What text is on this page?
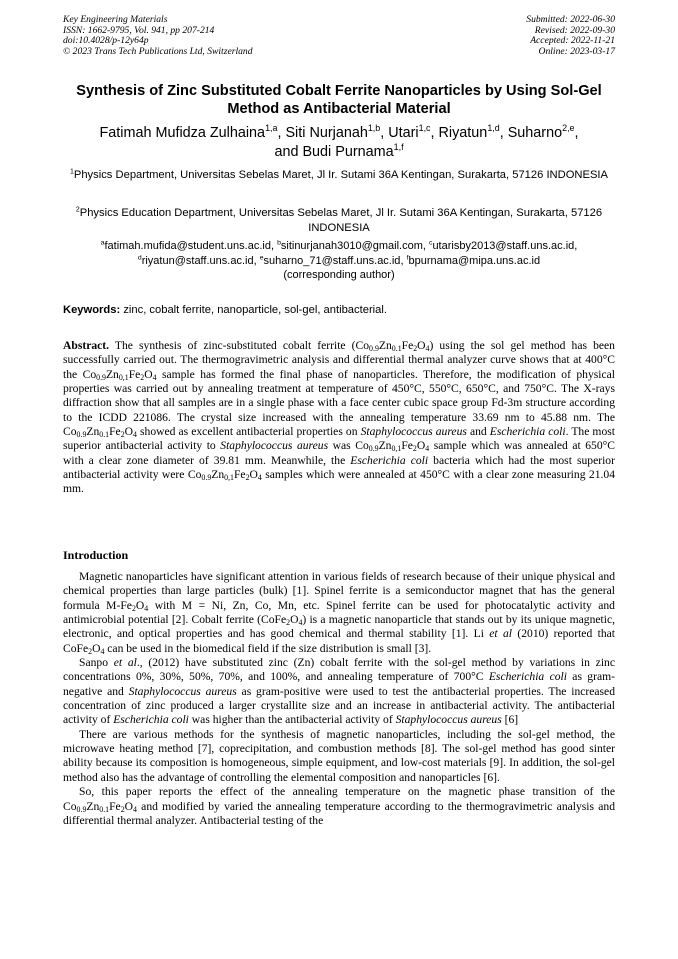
Key Engineering Materials
ISSN: 1662-9795, Vol. 941, pp 207-214
doi:10.4028/p-12y64p
© 2023 Trans Tech Publications Ltd, Switzerland
Submitted: 2022-06-30
Revised: 2022-09-30
Accepted: 2022-11-21
Online: 2023-03-17
Synthesis of Zinc Substituted Cobalt Ferrite Nanoparticles by Using Sol-Gel Method as Antibacterial Material
Fatimah Mufidza Zulhaina$^{1,a}$, Siti Nurjanah$^{1,b}$, Utari$^{1,c}$, Riyatun$^{1,d}$, Suharno$^{2,e}$,
and Budi Purnama$^{1,f}$
$^1$Physics Department, Universitas Sebelas Maret, Jl Ir. Sutami 36A Kentingan, Surakarta, 57126 INDONESIA
$^2$Physics Education Department, Universitas Sebelas Maret, Jl Ir. Sutami 36A Kentingan, Surakarta, 57126 INDONESIA
$^a$fatimah.mufida@student.uns.ac.id, $^b$sitinurjanah3010@gmail.com, $^c$utarisby2013@staff.uns.ac.id,
$^d$riyatun@staff.uns.ac.id, $^e$suharno_71@staff.uns.ac.id, $^f$bpurnama@mipa.uns.ac.id
(corresponding author)
Keywords: zinc, cobalt ferrite, nanoparticle, sol-gel, antibacterial.
Abstract. The synthesis of zinc-substituted cobalt ferrite $(Co_{0.9}Zn_{0.1}Fe_2O_4)$ using the sol gel method has been successfully carried out. The thermogravimetric analysis and differential thermal analyzer curve shows that at 400°C the $Co_{0.9}Zn_{0,1}Fe_2O_4$ sample has formed the final phase of nanoparticles. Therefore, the modification of physical properties was carried out by annealing treatment at temperature of 450°C, 550°C, 650°C, and 750°C. The X-rays diffraction show that all samples are in a single phase with a face center cubic space group Fd-3m structure according to the ICDD 221086. The crystal size increased with the annealing temperature 33.69 nm to 45.88 nm. The $Co_{0.9}Zn_{0.1}Fe_2O_4$ showed as excellent antibacterial properties on Staphylococcus aureus and Escherichia coli. The most superior antibacterial activity to Staphylococcus aureus was $Co_{0.9}Zn_{0,1}Fe_2O_4$ sample which was annealed at 650°C with a clear zone diameter of 39.81 mm. Meanwhile, the Escherichia coli bacteria which had the most superior antibacterial activity were $Co_{0.9}Zn_{0,1}Fe_2O_4$ samples which were annealed at 450°C with a clear zone measuring 21.04 mm.
Introduction

Magnetic nanoparticles have significant attention in various fields of research because of their unique physical and chemical properties than large particles (bulk) [1]. Spinel ferrite is a semiconductor magnet that has the general formula $M-Fe_2O_4$ with M = Ni, Zn, Co, Mn, etc. Spinel ferrite can be used for photocatalytic activity and antimicrobial potential [2]. Cobalt ferrite $(CoFe_2O_4)$ is a magnetic nanoparticle that stands out by its unique magnetic, electronic, and optical properties and has good chemical and thermal stability [1]. Li et al (2010) reported that $CoFe_2O_4$ can be used in the biomedical field if the size distribution is small [3].

Sanpo et al., (2012) have substituted zinc (Zn) cobalt ferrite with the sol-gel method by variations in zinc concentrations 0%, 30%, 50%, 70%, and 100%, and annealing temperature of 700°C Escherichia coli as gram-negative and Staphylococcus aureus as gram-positive were used to test the antibacterial properties. The increased concentration of zinc produced a larger crystallite size and an increase in antibacterial activity. The antibacterial activity of Escherichia coli was higher than the antibacterial activity of Staphylococcus aureus [6]

There are various methods for the synthesis of magnetic nanoparticles, including the sol-gel method, the microwave heating method [7], coprecipitation, and combustion methods [8]. The sol-gel method has good sinter ability because its composition is homogeneous, simple equipment, and low-cost materials [9]. In addition, the sol-gel method also has the advantage of controlling the elemental composition and nanoparticles [6].

So, this paper reports the effect of the annealing temperature on the magnetic phase transition of the $Co_{0.9}Zn_{0.1}Fe_2O_4$ and modified by varied the annealing temperature according to the thermogravimetric analysis and differential thermal analyzer. Antibacterial testing of the
